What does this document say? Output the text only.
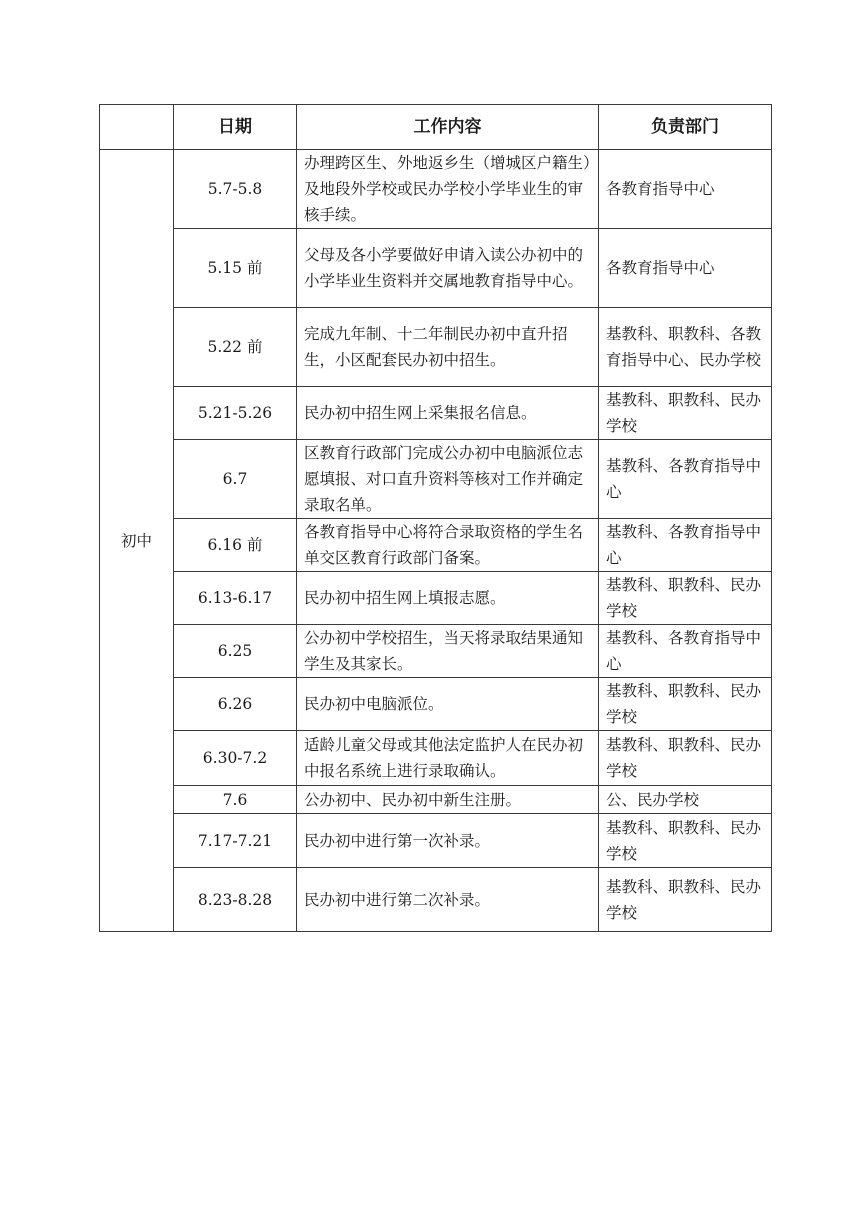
	日期	工作内容	负责部门
初中	5.7-5.8	办理跨区生、外地返乡生（增城区户籍生）及地段外学校或民办学校小学毕业生的审核手续。	各教育指导中心
	5.15 前	父母及各小学要做好申请入读公办初中的小学毕业生资料并交属地教育指导中心。	各教育指导中心
	5.22 前	完成九年制、十二年制民办初中直升招生，小区配套民办初中招生。	基教科、职教科、各教育指导中心、民办学校
	5.21-5.26	民办初中招生网上采集报名信息。	基教科、职教科、民办学校
	6.7	区教育行政部门完成公办初中电脑派位志愿填报、对口直升资料等核对工作并确定录取名单。	基教科、各教育指导中心
	6.16 前	各教育指导中心将符合录取资格的学生名单交区教育行政部门备案。	基教科、各教育指导中心
	6.13-6.17	民办初中招生网上填报志愿。	基教科、职教科、民办学校
	6.25	公办初中学校招生，当天将录取结果通知学生及其家长。	基教科、各教育指导中心
	6.26	民办初中电脑派位。	基教科、职教科、民办学校
	6.30-7.2	适龄儿童父母或其他法定监护人在民办初中报名系统上进行录取确认。	基教科、职教科、民办学校
	7.6	公办初中、民办初中新生注册。	公、民办学校
	7.17-7.21	民办初中进行第一次补录。	基教科、职教科、民办学校
	8.23-8.28	民办初中进行第二次补录。	基教科、职教科、民办学校
